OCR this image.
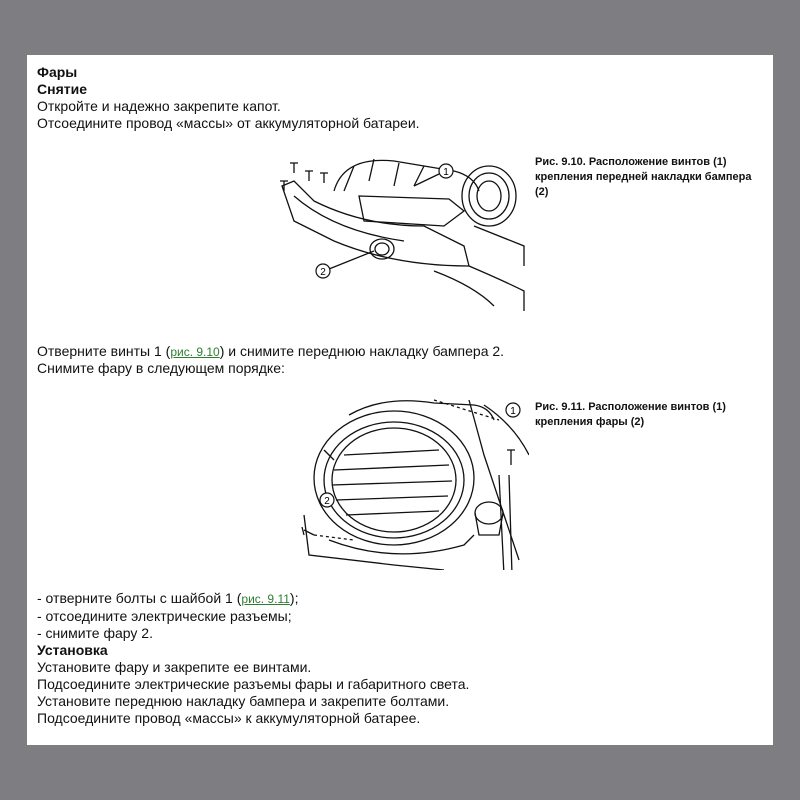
Фары
Снятие
Откройте и надежно закрепите капот.
Отсоедините провод «массы» от аккумуляторной батареи.
1
2
Рис. 9.10. Расположение винтов (1) крепления передней накладки бампера (2)
Отверните винты 1 (рис. 9.10) и снимите переднюю накладку бампера 2.
Снимите фару в следующем порядке:
2
1 Рис. 9.11. Расположение винтов (1) крепления фары (2)
- отверните болты с шайбой 1 (рис. 9.11);
- отсоедините электрические разъемы;
- снимите фару 2.
Установка
Установите фару и закрепите ее винтами.
Подсоедините электрические разъемы фары и габаритного света.
Установите переднюю накладку бампера и закрепите болтами.
Подсоедините провод «массы» к аккумуляторной батарее.
